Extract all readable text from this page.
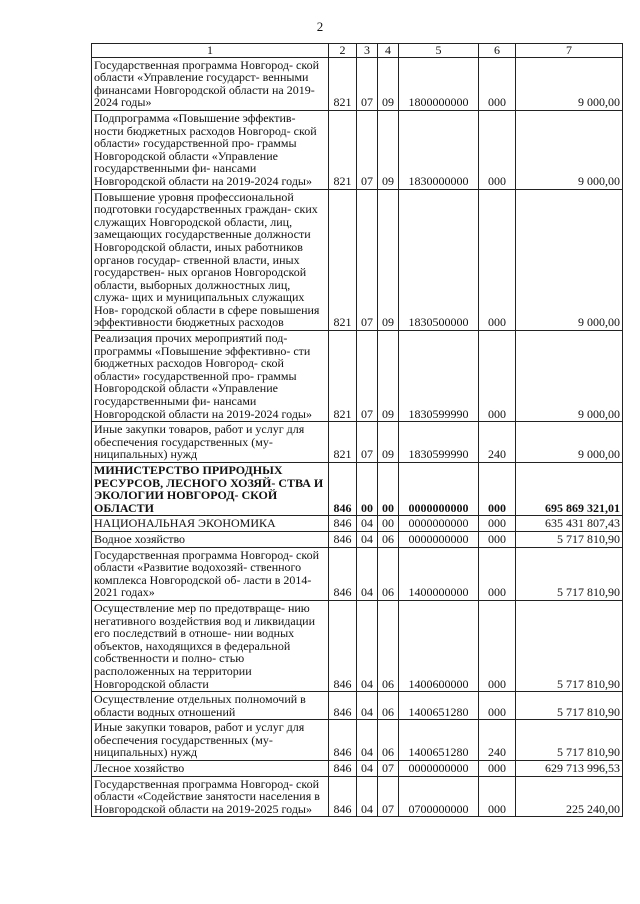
2
1	2	3	4	5	6	7
Государственная программа Новгород- ской области «Управление государст- венными финансами Новгородской области на 2019-2024 годы»	821	07	09	1800000000	000	9 000,00
Подпрограмма «Повышение эффектив- ности бюджетных расходов Новгород- ской области» государственной про- граммы Новгородской области «Управление государственными фи- нансами Новгородской области на 2019-2024 годы»	821	07	09	1830000000	000	9 000,00
Повышение уровня профессиональной подготовки государственных граждан- ских служащих Новгородской области, лиц, замещающих государственные должности Новгородской области, иных работников органов государ- ственной власти, иных государствен- ных органов Новгородской области, выборных должностных лиц, служа- щих и муниципальных служащих Нов- городской области в сфере повышения эффективности бюджетных расходов	821	07	09	1830500000	000	9 000,00
Реализация прочих мероприятий под- программы «Повышение эффективно- сти бюджетных расходов Новгород- ской области» государственной про- граммы Новгородской области «Управление государственными фи- нансами Новгородской области на 2019-2024 годы»	821	07	09	1830599990	000	9 000,00
Иные закупки товаров, работ и услуг для обеспечения государственных (му- ниципальных) нужд	821	07	09	1830599990	240	9 000,00
МИНИСТЕРСТВО ПРИРОДНЫХ РЕСУРСОВ, ЛЕСНОГО ХОЗЯЙ- СТВА И ЭКОЛОГИИ НОВГОРОД- СКОЙ ОБЛАСТИ	846	00	00	0000000000	000	695 869 321,01
НАЦИОНАЛЬНАЯ ЭКОНОМИКА	846	04	00	0000000000	000	635 431 807,43
Водное хозяйство	846	04	06	0000000000	000	5 717 810,90
Государственная программа Новгород- ской области «Развитие водохозяй- ственного комплекса Новгородской об- ласти в 2014-2021 годах»	846	04	06	1400000000	000	5 717 810,90
Осуществление мер по предотвраще- нию негативного воздействия вод и ликвидации его последствий в отноше- нии водных объектов, находящихся в федеральной собственности и полно- стью расположенных на территории Новгородской области	846	04	06	1400600000	000	5 717 810,90
Осуществление отдельных полномочий в области водных отношений	846	04	06	1400651280	000	5 717 810,90
Иные закупки товаров, работ и услуг для обеспечения государственных (му- ниципальных) нужд	846	04	06	1400651280	240	5 717 810,90
Лесное хозяйство	846	04	07	0000000000	000	629 713 996,53
Государственная программа Новгород- ской области «Содействие занятости населения в Новгородской области на 2019-2025 годы»	846	04	07	0700000000	000	225 240,00
